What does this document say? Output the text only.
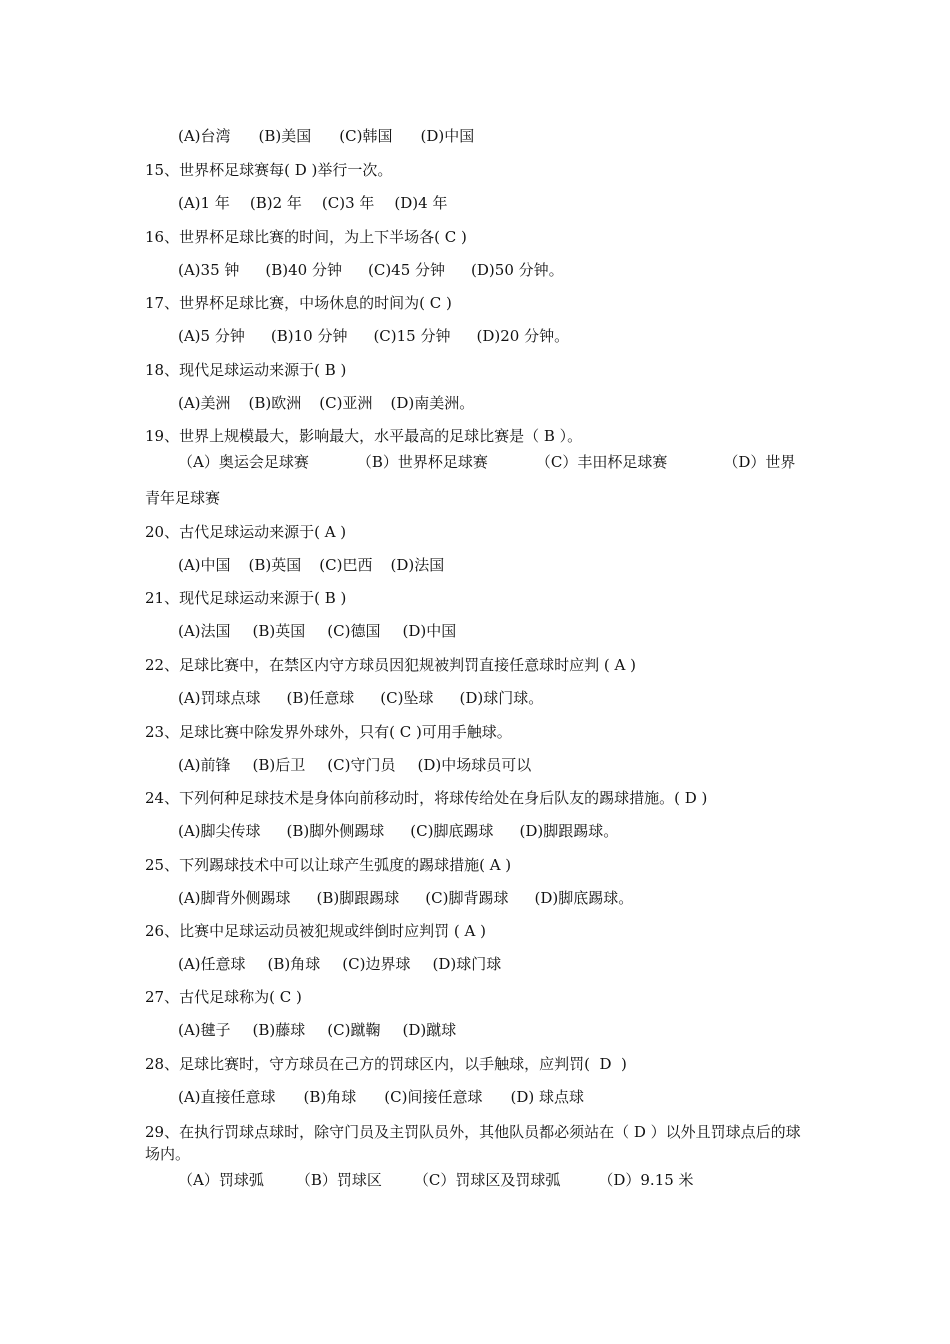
(A)台湾 (B)美国 (C)韩国 (D)中国
15、世界杯足球赛每( D )举行一次。
(A)1 年 (B)2 年 (C)3 年 (D)4 年
16、世界杯足球比赛的时间，为上下半场各( C )
(A)35 钟 (B)40 分钟 (C)45 分钟 (D)50 分钟。
17、世界杯足球比赛，中场休息的时间为( C )
(A)5 分钟 (B)10 分钟 (C)15 分钟 (D)20 分钟。
18、现代足球运动来源于( B )
(A)美洲 (B)欧洲 (C)亚洲 (D)南美洲。
19、世界上规模最大，影响最大，水平最高的足球比赛是（ B ）。
（A）奥运会足球赛	（B）世界杯足球赛	（C）丰田杯足球赛	（D）世界
青年足球赛
20、古代足球运动来源于( A )
(A)中国 (B)英国 (C)巴西 (D)法国
21、现代足球运动来源于( B )
(A)法国 (B)英国 (C)德国 (D)中国
22、足球比赛中，在禁区内守方球员因犯规被判罚直接任意球时应判 ( A )
(A)罚球点球 (B)任意球 (C)坠球 (D)球门球。
23、足球比赛中除发界外球外，只有( C )可用手触球。
(A)前锋 (B)后卫 (C)守门员 (D)中场球员可以
24、下列何种足球技术是身体向前移动时，将球传给处在身后队友的踢球措施。( D )
(A)脚尖传球 (B)脚外侧踢球 (C)脚底踢球 (D)脚跟踢球。
25、下列踢球技术中可以让球产生弧度的踢球措施( A )
(A)脚背外侧踢球 (B)脚跟踢球 (C)脚背踢球 (D)脚底踢球。
26、比赛中足球运动员被犯规或绊倒时应判罚 ( A )
(A)任意球 (B)角球 (C)边界球 (D)球门球
27、古代足球称为( C )
(A)毽子 (B)藤球 (C)蹴鞠 (D)蹴球
28、足球比赛时，守方球员在己方的罚球区内，以手触球，应判罚(  D  )
(A)直接任意球 (B)角球 (C)间接任意球 (D) 球点球
29、在执行罚球点球时，除守门员及主罚队员外，其他队员都必须站在（ D ）以外且罚球点后的球场内。
（A）罚球弧 （B）罚球区 （C）罚球区及罚球弧	（D）9.15 米
